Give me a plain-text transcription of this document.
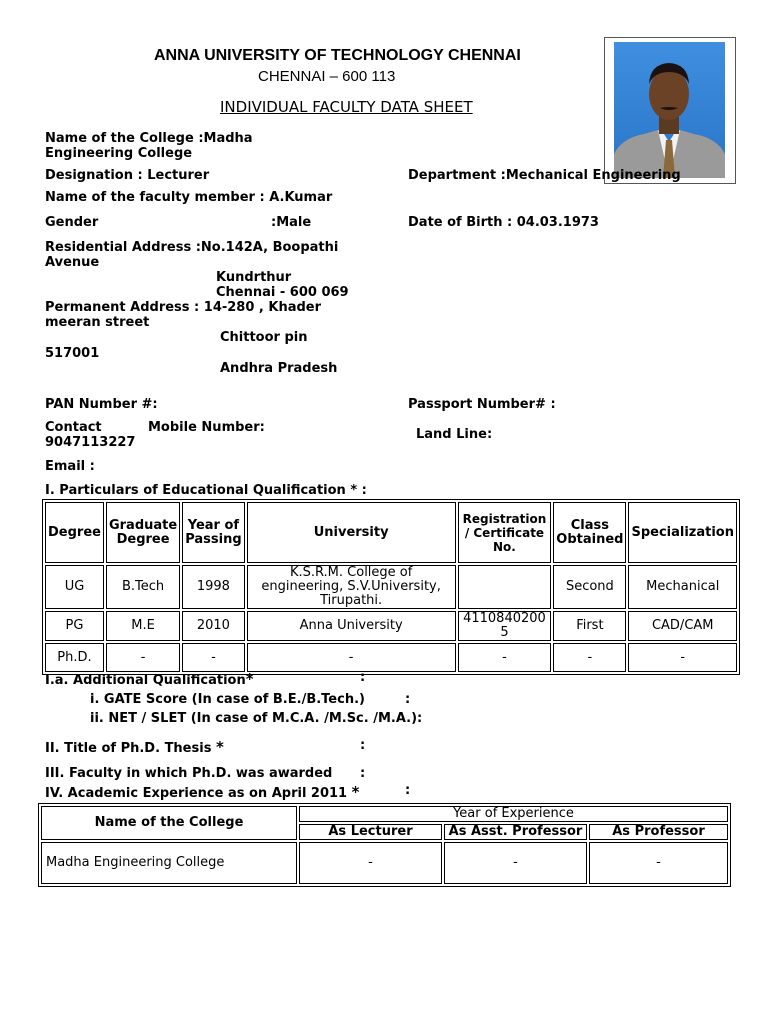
ANNA UNIVERSITY OF TECHNOLOGY CHENNAI
CHENNAI – 600 113
INDIVIDUAL FACULTY DATA SHEET
Name of the College :Madha Engineering College
Designation : Lecturer	Department :Mechanical Engineering
Name of the faculty member : A.Kumar
Gender	:Male	Date of Birth : 04.03.1973
Residential Address :No.142A, Boopathi Avenue
Kundrthur
Chennai - 600 069
Permanent Address : 14-280 , Khader meeran street
Chittoor pin
517001
Andhra Pradesh
PAN Number #:	Passport Number# :
Contact	Mobile Number:
9047113227
Land Line:
Email :
I. Particulars of Educational Qualification * :
Degree	Graduate Degree	Year of Passing	University	Registration / Certificate No.	Class Obtained	Specialization
UG	B.Tech	1998	K.S.R.M. College of engineering, S.V.University, Tirupathi.		Second	Mechanical
PG	M.E	2010	Anna University	41108402005	First	CAD/CAM
Ph.D.	-	-	-	-	-	-
I.a. Additional Qualification*	:
i. GATE Score (In case of B.E./B.Tech.)	:
ii. NET / SLET (In case of M.C.A. /M.Sc. /M.A.):
II. Title of Ph.D. Thesis *	:
III. Faculty in which Ph.D. was awarded :
IV. Academic Experience as on April 2011 *	:
Name of the College	Year of Experience		
	As Lecturer	As Asst. Professor	As Professor
Madha Engineering College	-	-	-
